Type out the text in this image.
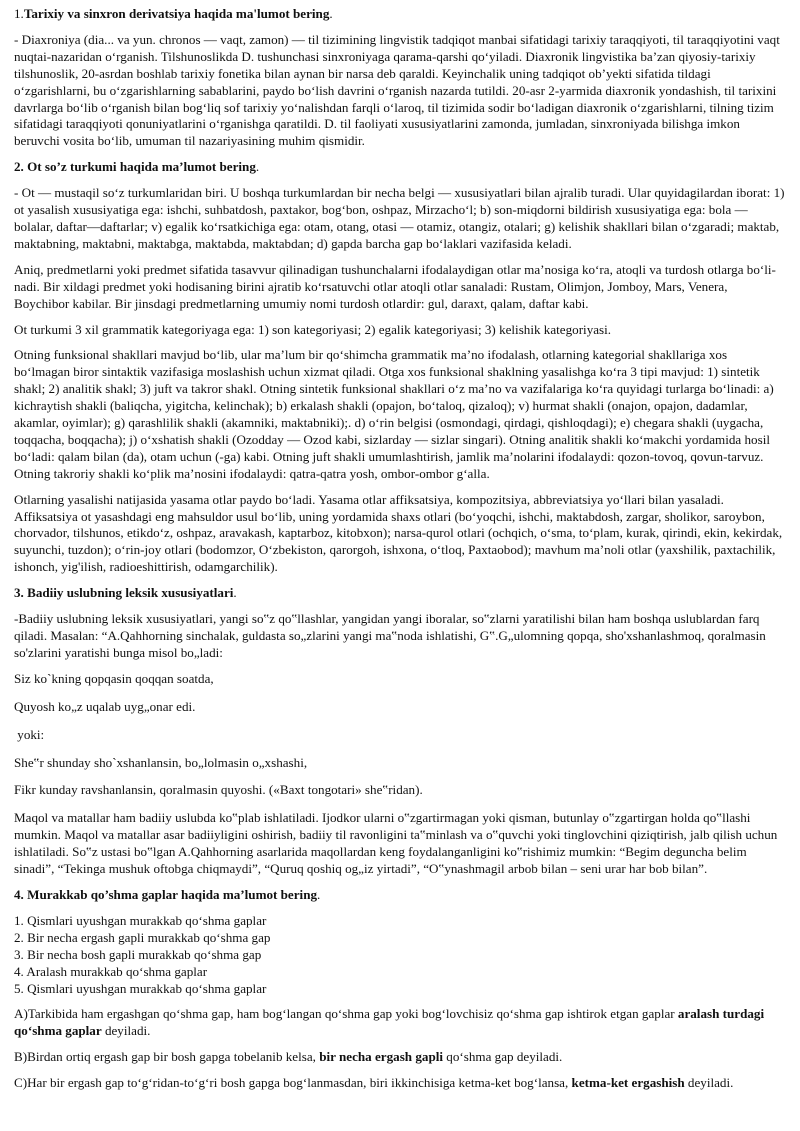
1.Tarixiy va sinxron derivatsiya haqida ma'lumot bering.

- Diaxroniya (dia... va yun. chronos — vaqt, zamon) — til tizimining lingvistik tadqiqot manbai sifatidagi tarixiy taraqqiyoti, til taraqqiyotini vaqt nuqtai-nazaridan oʻrganish. Tilshunoslikda D. tushunchasi sinxroniyaga qarama-qarshi qoʻyiladi. Diaxronik lingvistika baʼzan qiyosiy-tarixiy tilshunoslik, 20-asrdan boshlab tarixiy fonetika bilan aynan bir narsa deb qaraldi. Keyinchalik uning tadqiqot obʼyekti sifatida tildagi oʻzgarishlarni, bu oʻzgarishlarning sabablarini, paydo boʻlish davrini oʻrganish nazarda tutildi. 20-asr 2-yarmida diaxronik yondashish, til tarixini davrlarga boʻlib oʻrganish bilan bogʻliq sof tarixiy yoʻnalishdan farqli oʻlaroq, til tizimida sodir boʻladigan diaxronik oʻzgarishlarni, tilning tizim sifatidagi taraqqiyoti qonuniyatlarini oʻrganishga qaratildi. D. til faoliyati xususiyatlarini zamonda, jumladan, sinxroniyada bilishga imkon beruvchi vosita boʻlib, umuman til nazariyasining muhim qismidir.

2. Ot so’z turkumi haqida ma’lumot bering.

- Ot — mustaqil soʻz turkumlaridan biri. U boshqa turkumlardan bir necha belgi — xususiyatlari bilan ajralib turadi. Ular quyidagilardan iborat: 1) ot yasalish xususiyatiga ega: ishchi, suhbatdosh, paxtakor, bogʻbon, oshpaz, Mirzachoʻl; b) son-miqdorni bildirish xususiyatiga ega: bola — bolalar, daftar—daftarlar; v) egalik koʻrsatkichiga ega: otam, otang, otasi — otamiz, otangiz, otalari; g) kelishik shakllari bilan oʻzgaradi; maktab, maktabning, maktabni, maktabga, maktabda, maktabdan; d) gapda barcha gap boʻlaklari vazifasida keladi.

Aniq, predmetlarni yoki predmet sifatida tasavvur qilinadigan tushunchalarni ifodalaydigan otlar maʼnosiga koʻra, atoqli va turdosh otlarga boʻli-nadi. Bir xildagi predmet yoki hodisaning birini ajratib koʻrsatuvchi otlar atoqli otlar sanaladi: Rustam, Olimjon, Jomboy, Mars, Venera, Boychibor kabilar. Bir jinsdagi predmetlarning umumiy nomi turdosh otlardir: gul, daraxt, qalam, daftar kabi.

Ot turkumi 3 xil grammatik kategoriyaga ega: 1) son kategoriyasi; 2) egalik kategoriyasi; 3) kelishik kategoriyasi.

Otning funksional shakllari mavjud boʻlib, ular maʼlum bir qoʻshimcha grammatik maʼno ifodalash, otlarning kategorial shakllariga xos boʻlmagan biror sintaktik vazifasiga moslashish uchun xizmat qiladi. Otga xos funksional shaklning yasalishga koʻra 3 tipi mavjud: 1) sintetik shakl; 2) analitik shakl; 3) juft va takror shakl. Otning sintetik funksional shakllari oʻz maʼno va vazifalariga koʻra quyidagi turlarga boʻlinadi: a) kichraytish shakli (baliqcha, yigitcha, kelinchak); b) erkalash shakli (opajon, boʻtaloq, qizaloq); v) hurmat shakli (onajon, opajon, dadamlar, akamlar, oyimlar); g) qarashlilik shakli (akamniki, maktabniki);. d) oʻrin belgisi (osmondagi, qirdagi, qishloqdagi); e) chegara shakli (uygacha, toqqacha, boqqacha); j) oʻxshatish shakli (Ozodday — Ozod kabi, sizlarday — sizlar singari). Otning analitik shakli koʻmakchi yordamida hosil boʻladi: qalam bilan (da), otam uchun (-ga) kabi. Otning juft shakli umumlashtirish, jamlik maʼnolarini ifodalaydi: qozon-tovoq, qovun-tarvuz. Otning takroriy shakli koʻplik maʼnosini ifodalaydi: qatra-qatra yosh, ombor-ombor gʻalla.

Otlarning yasalishi natijasida yasama otlar paydo boʻladi. Yasama otlar affiksatsiya, kompozitsiya, abbreviatsiya yoʻllari bilan yasaladi. Affiksatsiya ot yasashdagi eng mahsuldor usul boʻlib, uning yordamida shaxs otlari (boʻyoqchi, ishchi, maktabdosh, zargar, sholikor, saroybon, chorvador, tilshunos, etikdoʻz, oshpaz, aravakash, kaptarboz, kitobxon); narsa-qurol otlari (ochqich, oʻsma, toʻplam, kurak, qirindi, ekin, kekirdak, suyunchi, tuzdon); oʻrin-joy otlari (bodomzor, Oʻzbekiston, qarorgoh, ishxona, oʻtloq, Paxtaobod); mavhum maʼnoli otlar (yaxshilik, paxtachilik, ishonch, yig'ilish, radioeshittirish, odamgarchilik).

3. Badiiy uslubning leksik xususiyatlari.

-Badiiy uslubning leksik xususiyatlari, yangi so‟z qo‟llashlar, yangidan yangi iboralar, so‟zlarni yaratilishi bilan ham boshqa uslublardan farq qiladi. Masalan: “A.Qahhorning sinchalak, guldasta so„zlarini yangi ma‟noda ishlatishi, G‟.G„ulomning qopqa, sho'xshanlashmoq, qoralmasin so'zlarini yaratishi bunga misol bo„ladi:

Siz ko`kning qopqasin qoqqan soatda,

Quyosh ko„z uqalab uyg„onar edi.

yoki:

She‟r shunday sho`xshanlansin, bo„lolmasin o„xshashi,

Fikr kunday ravshanlansin, qoralmasin quyoshi. («Baxt tongotari» she‟ridan).

Maqol va matallar ham badiiy uslubda ko‟plab ishlatiladi. Ijodkor ularni o‟zgartirmagan yoki qisman, butunlay o‟zgartirgan holda qo‟llashi mumkin. Maqol va matallar asar badiiyligini oshirish, badiiy til ravonligini ta‟minlash va o‟quvchi yoki tinglovchini qiziqtirish, jalb qilish uchun ishlatiladi. So‟z ustasi bo‟lgan A.Qahhorning asarlarida maqollardan keng foydalanganligini ko‟rishimiz mumkin: “Begim deguncha belim sinadi”, “Tekinga mushuk oftobga chiqmaydi”, “Quruq qoshiq og„iz yirtadi”, “O‟ynashmagil arbob bilan – seni urar har bob bilan”.

4. Murakkab qo’shma gaplar haqida ma’lumot bering.

1. Qismlari uyushgan murakkab qoʻshma gaplar
2. Bir necha ergash gapli murakkab qoʻshma gap
3. Bir necha bosh gapli murakkab qoʻshma gap
4. Aralash murakkab qoʻshma gaplar
5. Qismlari uyushgan murakkab qoʻshma gaplar

A)Tarkibida ham ergashgan qoʻshma gap, ham bogʻlangan qoʻshma gap yoki bogʻlovchisiz qoʻshma gap ishtirok etgan gaplar aralash turdagi qoʻshma gaplar deyiladi.

B)Birdan ortiq ergash gap bir bosh gapga tobelanib kelsa, bir necha ergash gapli qoʻshma gap deyiladi.

C)Har bir ergash gap toʻgʻridan-toʻgʻri bosh gapga bogʻlanmasdan, biri ikkinchisiga ketma-ket bogʻlansa, ketma-ket ergashish deyiladi.
